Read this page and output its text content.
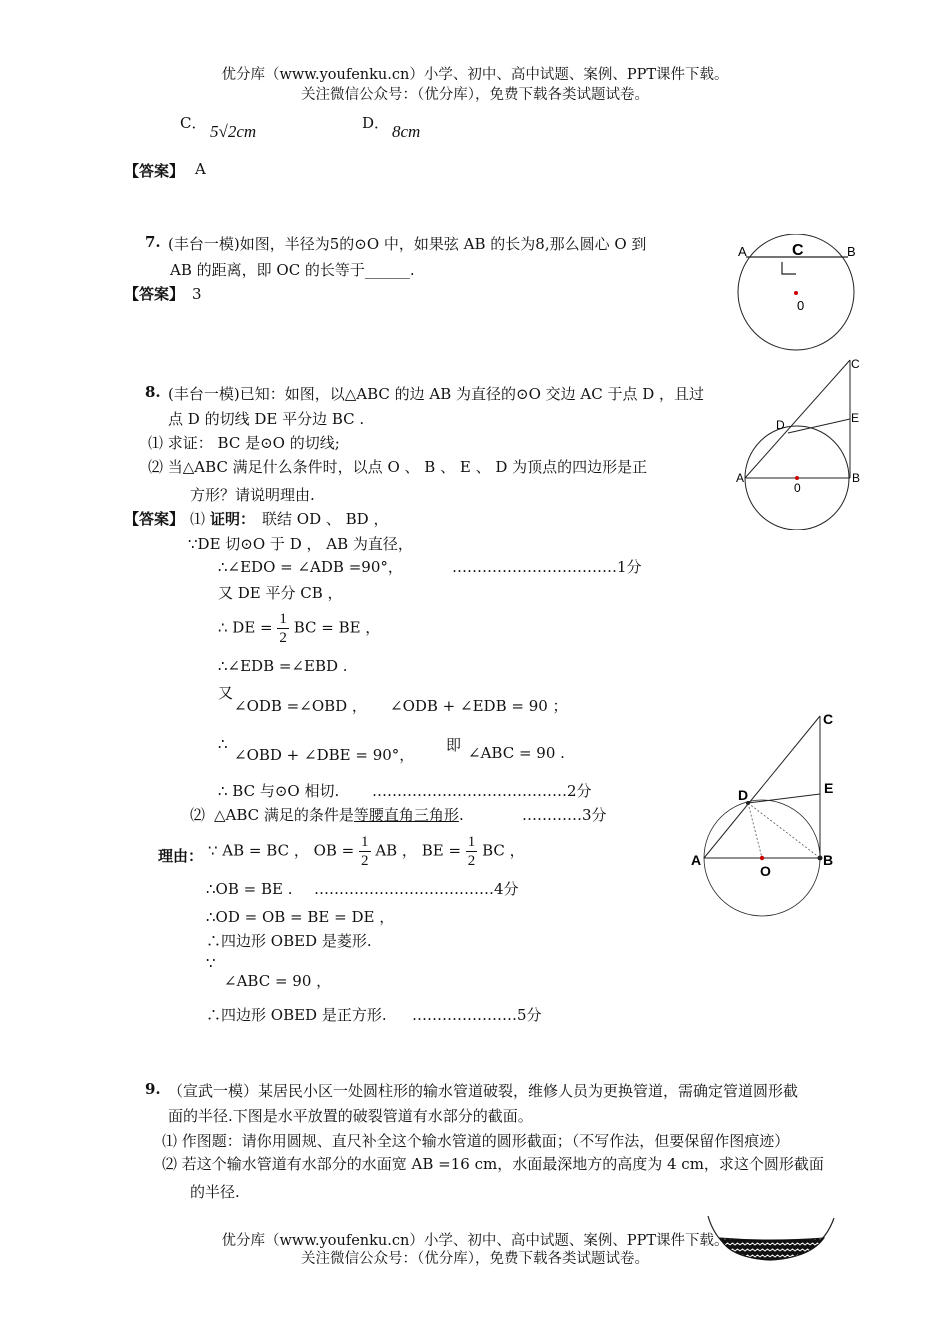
优分库（www.youfenku.cn）小学、初中、高中试题、案例、PPT课件下载。
关注微信公众号：（优分库），免费下载各类试题试卷。
C． 5√2cm	D． 8cm
【答案】 A
7. (丰台一模)如图，半径为5的⊙O 中，如果弦 AB 的长为8,那么圆心 O 到
AB 的距离，即 OC 的长等于______.
【答案】 3
A	B
C
0
8. (丰台一模)已知：如图，以△ABC 的边 AB 为直径的⊙O 交边 AC 于点 D ，且过
点 D 的切线 DE 平分边 BC .
⑴ 求证： BC 是⊙O 的切线;
⑵ 当△ABC 满足什么条件时，以点 O 、 B 、 E 、 D 为顶点的四边形是正
方形？请说明理由.
A	B
C
D	E
0
【答案】 ⑴ 证明： 联结 OD 、 BD ，
∵DE 切⊙O 于 D ， AB 为直径，
∴∠EDO = ∠ADB =90°，	……………………………1分
又 DE 平分 CB ，
∴ DE = $\frac{1}{2}$ BC = BE ，
∴∠EDB =∠EBD .
又
∠ODB =∠OBD ， ∠ODB + ∠EDB = 90 ；
∴
∠OBD + ∠DBE = 90°，
即 ∠ABC = 90 .
∴ BC 与⊙O 相切. …………………………………2分
⑵ △ABC 满足的条件是等腰直角三角形.	…………3分
理由： ∵ AB = BC ， OB = $\frac{1}{2}$ AB ， BE = $\frac{1}{2}$ BC ，
∴OB = BE . ………………………………4分
∴OD = OB = BE = DE ，
∴四边形 OBED 是菱形.
∵
∠ABC = 90 ，
∴四边形 OBED 是正方形. …………………5分
A	B
C
D	E
O
9. （宣武一模）某居民小区一处圆柱形的输水管道破裂，维修人员为更换管道，需确定管道圆形截
面的半径.下图是水平放置的破裂管道有水部分的截面。
⑴ 作图题：请你用圆规、直尺补全这个输水管道的圆形截面；（不写作法，但要保留作图痕迹）
⑵ 若这个输水管道有水部分的水面宽 AB =16 cm，水面最深地方的高度为 4 cm，求这个圆形截面
的半径.
优分库（www.youfenku.cn）小学、初中、高中试题、案例、PPT课件下载。
关注微信公众号：（优分库），免费下载各类试题试卷。
